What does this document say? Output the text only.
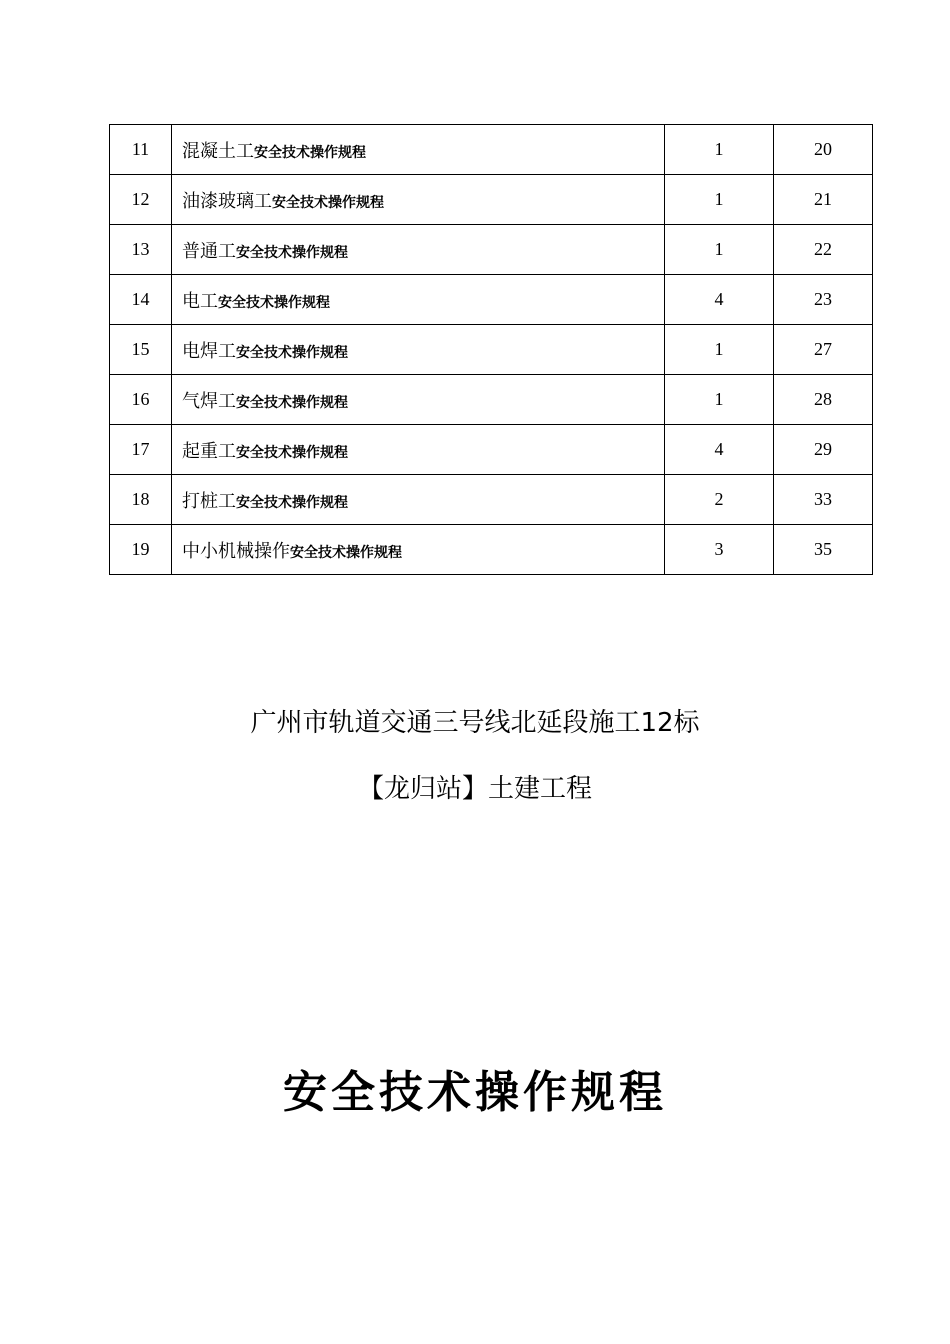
11	混凝土工安全技术操作规程	1	20
12	油漆玻璃工安全技术操作规程	1	21
13	普通工安全技术操作规程	1	22
14	电工安全技术操作规程	4	23
15	电焊工安全技术操作规程	1	27
16	气焊工安全技术操作规程	1	28
17	起重工安全技术操作规程	4	29
18	打桩工安全技术操作规程	2	33
19	中小机械操作安全技术操作规程	3	35
广州市轨道交通三号线北延段施工12标
【龙归站】土建工程
安全技术操作规程
